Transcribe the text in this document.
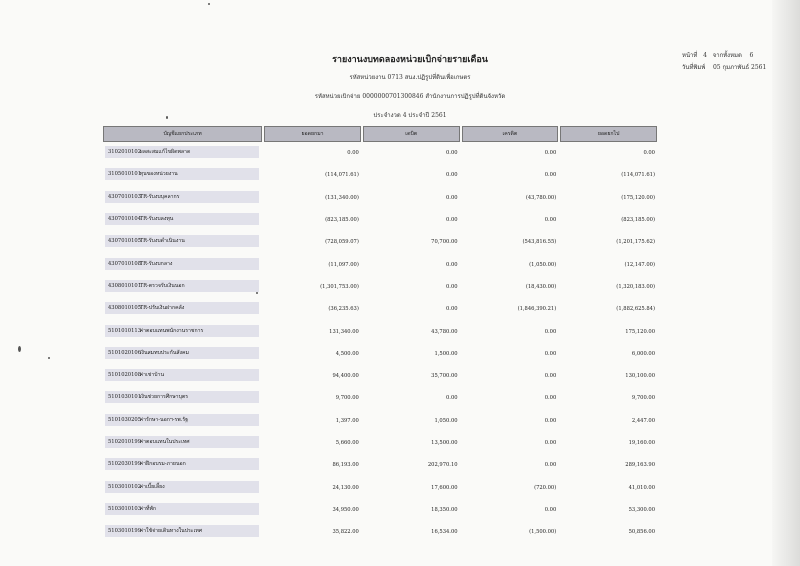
รายงานงบทดลองหน่วยเบิกจ่ายรายเดือน
รหัสหน่วยงาน 0713 สนง.ปฏิรูปที่ดินเพื่อเกษตร
รหัสหน่วยเบิกจ่าย 0000000701300846 สำนักงานการปฏิรูปที่ดินจังหวัด
ประจำงวด 4 ประจำปี 2561
หน้าที่ 4 จากทั้งหมด 6
วันที่พิมพ์ 05 กุมภาพันธ์ 2561
บัญชีแยกประเภท	ยอดยกมา	เดบิต	เครดิต	ยอดยกไป

3102010102 ผลสะสมแก้ไขผิดพลาด	0.00	0.00	0.00	0.00
3105010101 ทุนของหน่วยงาน	(114,071.61)	0.00	0.00	(114,071.61)
4307010103 TR-รับงบบุคลากร	(131,340.00)	0.00	(43,780.00)	(175,120.00)
4307010104 TR-รับงบลงทุน	(823,185.00)	0.00	0.00	(823,185.00)
4307010105 TR-รับงบดำเนินงาน	(728,059.07)	70,700.00	(543,816.55)	(1,201,175.62)
4307010108 TR-รับงบกลาง	(11,097.00)	0.00	(1,050.00)	(12,147.00)
4308010101 TR-ตรวจรับเงินนอก	(1,301,753.00)	0.00	(18,430.00)	(1,320,183.00)
4308010105 TR-ปรับเงินฝากคลัง	(36,235.63)	0.00	(1,846,390.21)	(1,882,625.84)
5101010113 ค่าตอบแทนพนักงานราชการ	131,340.00	43,780.00	0.00	175,120.00
5101020106 เงินสมทบประกันสังคม	4,500.00	1,500.00	0.00	6,000.00
5101020108 ค่าเช่าบ้าน	94,400.00	35,700.00	0.00	130,100.00
5101030101 เงินช่วยการศึกษาบุตร	9,700.00	0.00	0.00	9,700.00
5101030205 ค่ารักษา-นอกฯ-รพ.รัฐ	1,397.00	1,050.00	0.00	2,447.00
5102010199 ค่าตอบแทนในประเทศ	5,660.00	13,500.00	0.00	19,160.00
5102030199 ค่าฝึกอบรม-ภายนอก	86,193.00	202,970.10	0.00	289,163.90
5103010102 ค่าเบี้ยเลี้ยง	24,130.00	17,600.00	(720.00)	41,010.00
5103010103 ค่าที่พัก	34,950.00	18,350.00	0.00	53,300.00
5103010199 ค่าใช้จ่ายเดินทางในประเทศ	35,822.00	16,534.00	(1,500.00)	50,856.00
